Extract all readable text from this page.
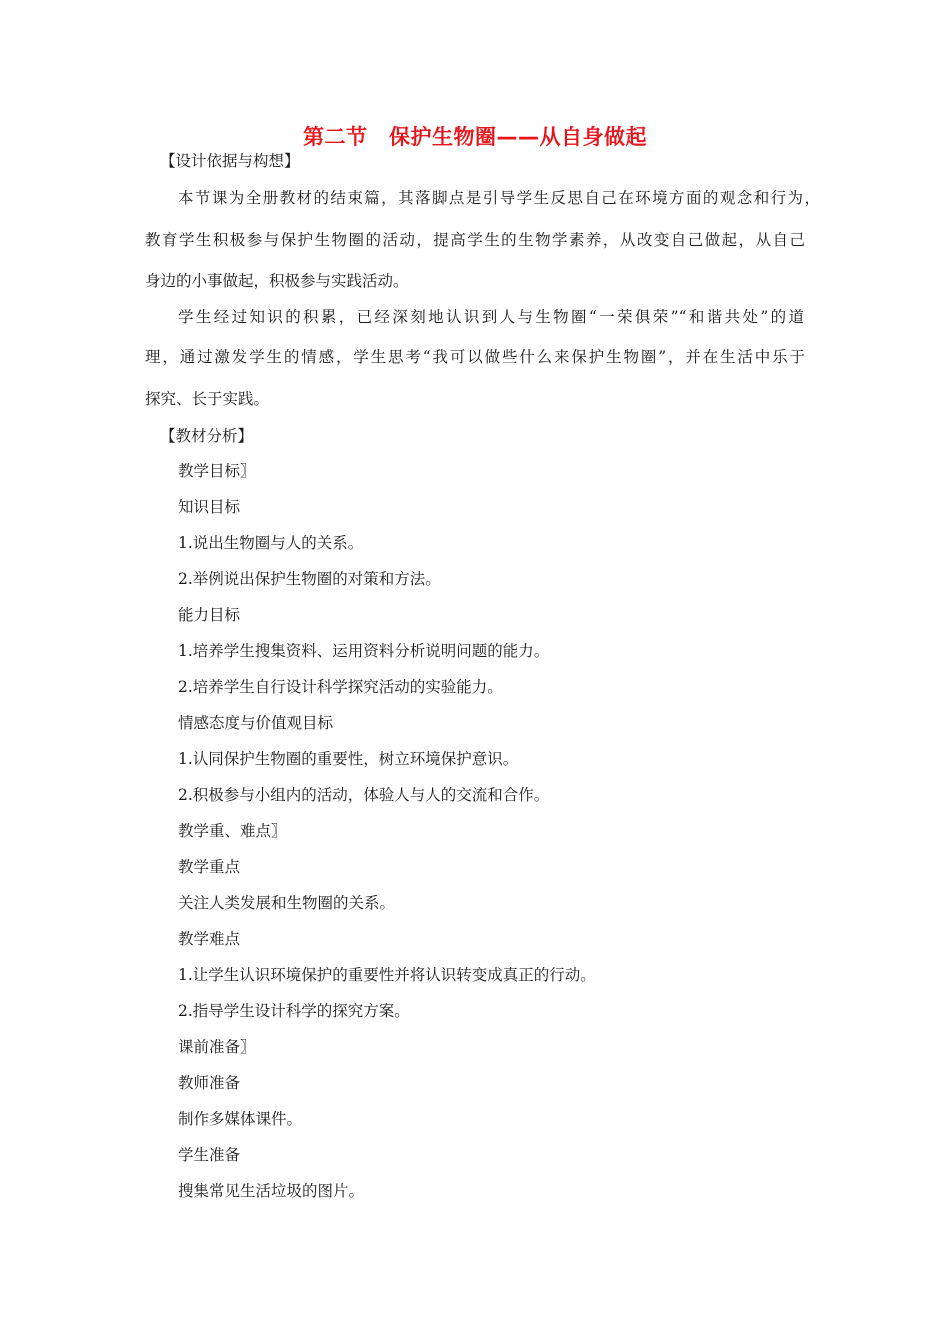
第二节　保护生物圈——从自身做起
【设计依据与构想】
本节课为全册教材的结束篇，其落脚点是引导学生反思自己在环境方面的观念和行为，
教育学生积极参与保护生物圈的活动，提高学生的生物学素养，从改变自己做起，从自己
身边的小事做起，积极参与实践活动。
学生经过知识的积累，已经深刻地认识到人与生物圈“一荣俱荣”“和谐共处”的道
理，通过激发学生的情感，学生思考“我可以做些什么来保护生物圈”，并在生活中乐于
探究、长于实践。
【教材分析】
教学目标〗
知识目标
1.说出生物圈与人的关系。
2.举例说出保护生物圈的对策和方法。
能力目标
1.培养学生搜集资料、运用资料分析说明问题的能力。
2.培养学生自行设计科学探究活动的实验能力。
情感态度与价值观目标
1.认同保护生物圈的重要性，树立环境保护意识。
2.积极参与小组内的活动，体验人与人的交流和合作。
教学重、难点〗
教学重点
关注人类发展和生物圈的关系。
教学难点
1.让学生认识环境保护的重要性并将认识转变成真正的行动。
2.指导学生设计科学的探究方案。
课前准备〗
教师准备
制作多媒体课件。
学生准备
搜集常见生活垃圾的图片。
